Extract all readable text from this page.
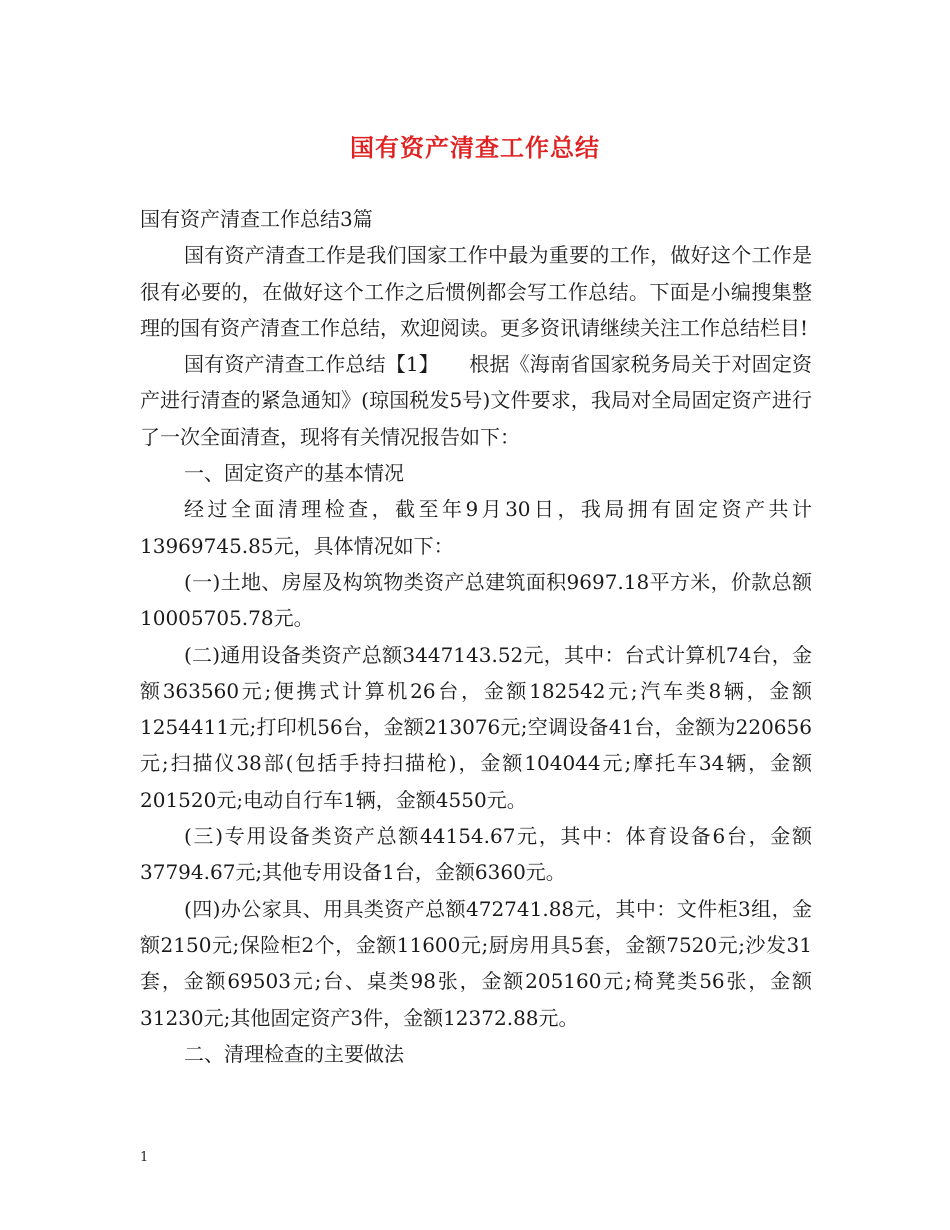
国有资产清查工作总结

国有资产清查工作总结3篇

国有资产清查工作是我们国家工作中最为重要的工作，做好这个工作是很有必要的，在做好这个工作之后惯例都会写工作总结。下面是小编搜集整理的国有资产清查工作总结，欢迎阅读。更多资讯请继续关注工作总结栏目!

国有资产清查工作总结【1】　　根据《海南省国家税务局关于对固定资产进行清查的紧急通知》(琼国税发5号)文件要求，我局对全局固定资产进行了一次全面清查，现将有关情况报告如下：

一、固定资产的基本情况

经过全面清理检查，截至年9月30日，我局拥有固定资产共计13969745.85元，具体情况如下：

(一)土地、房屋及构筑物类资产总建筑面积9697.18平方米，价款总额10005705.78元。

(二)通用设备类资产总额3447143.52元，其中：台式计算机74台，金额363560元;便携式计算机26台，金额182542元;汽车类8辆，金额1254411元;打印机56台，金额213076元;空调设备41台，金额为220656元;扫描仪38部(包括手持扫描枪)，金额104044元;摩托车34辆，金额201520元;电动自行车1辆，金额4550元。

(三)专用设备类资产总额44154.67元，其中：体育设备6台，金额37794.67元;其他专用设备1台，金额6360元。

(四)办公家具、用具类资产总额472741.88元，其中：文件柜3组，金额2150元;保险柜2个，金额11600元;厨房用具5套，金额7520元;沙发31套，金额69503元;台、桌类98张，金额205160元;椅凳类56张，金额31230元;其他固定资产3件，金额12372.88元。

二、清理检查的主要做法

1
